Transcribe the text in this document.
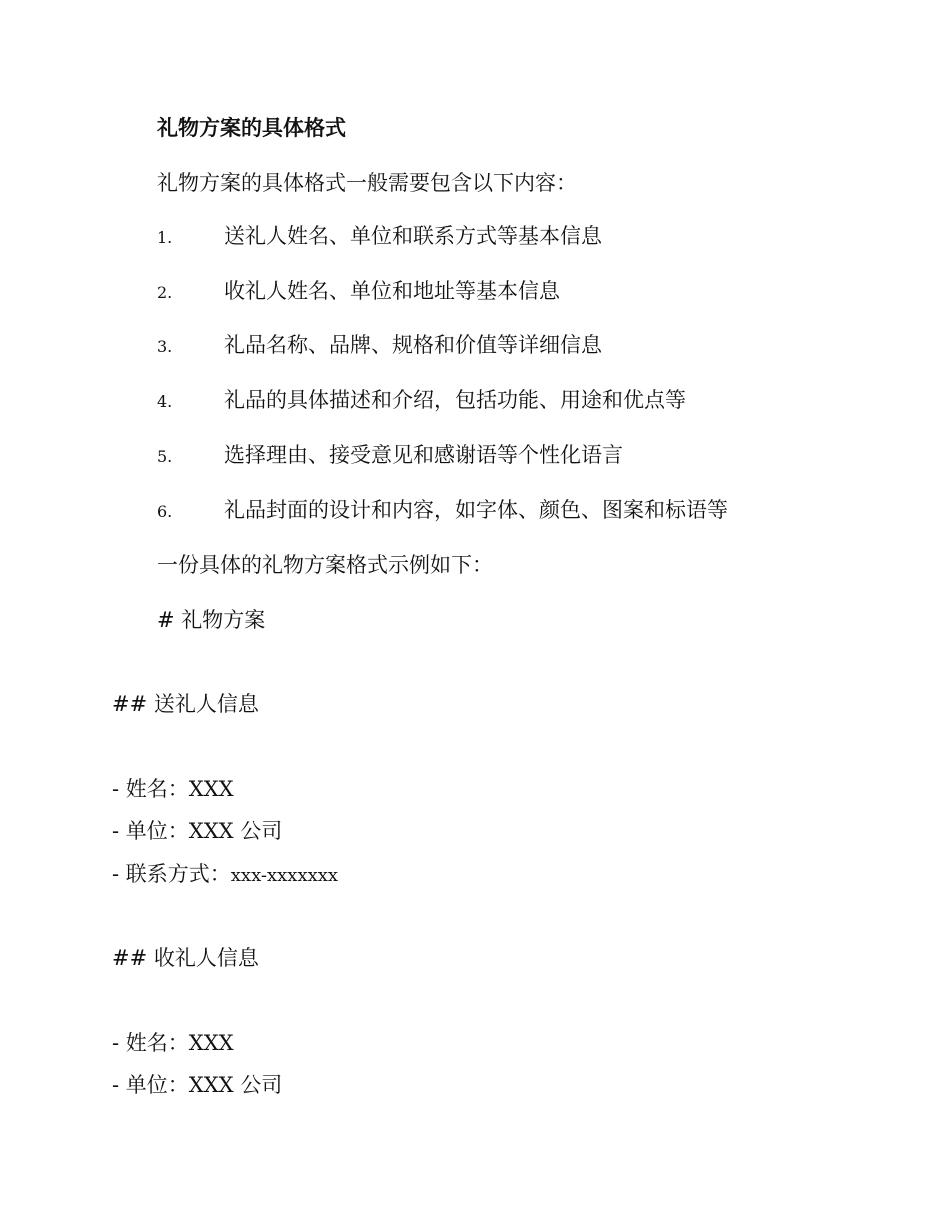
礼物方案的具体格式
礼物方案的具体格式一般需要包含以下内容：
1. 送礼人姓名、单位和联系方式等基本信息
2. 收礼人姓名、单位和地址等基本信息
3. 礼品名称、品牌、规格和价值等详细信息
4. 礼品的具体描述和介绍，包括功能、用途和优点等
5. 选择理由、接受意见和感谢语等个性化语言
6. 礼品封面的设计和内容，如字体、颜色、图案和标语等
一份具体的礼物方案格式示例如下：
# 礼物方案
## 送礼人信息
- 姓名：XXX
- 单位：XXX 公司
- 联系方式：xxx-xxxxxxx
## 收礼人信息
- 姓名：XXX
- 单位：XXX 公司
